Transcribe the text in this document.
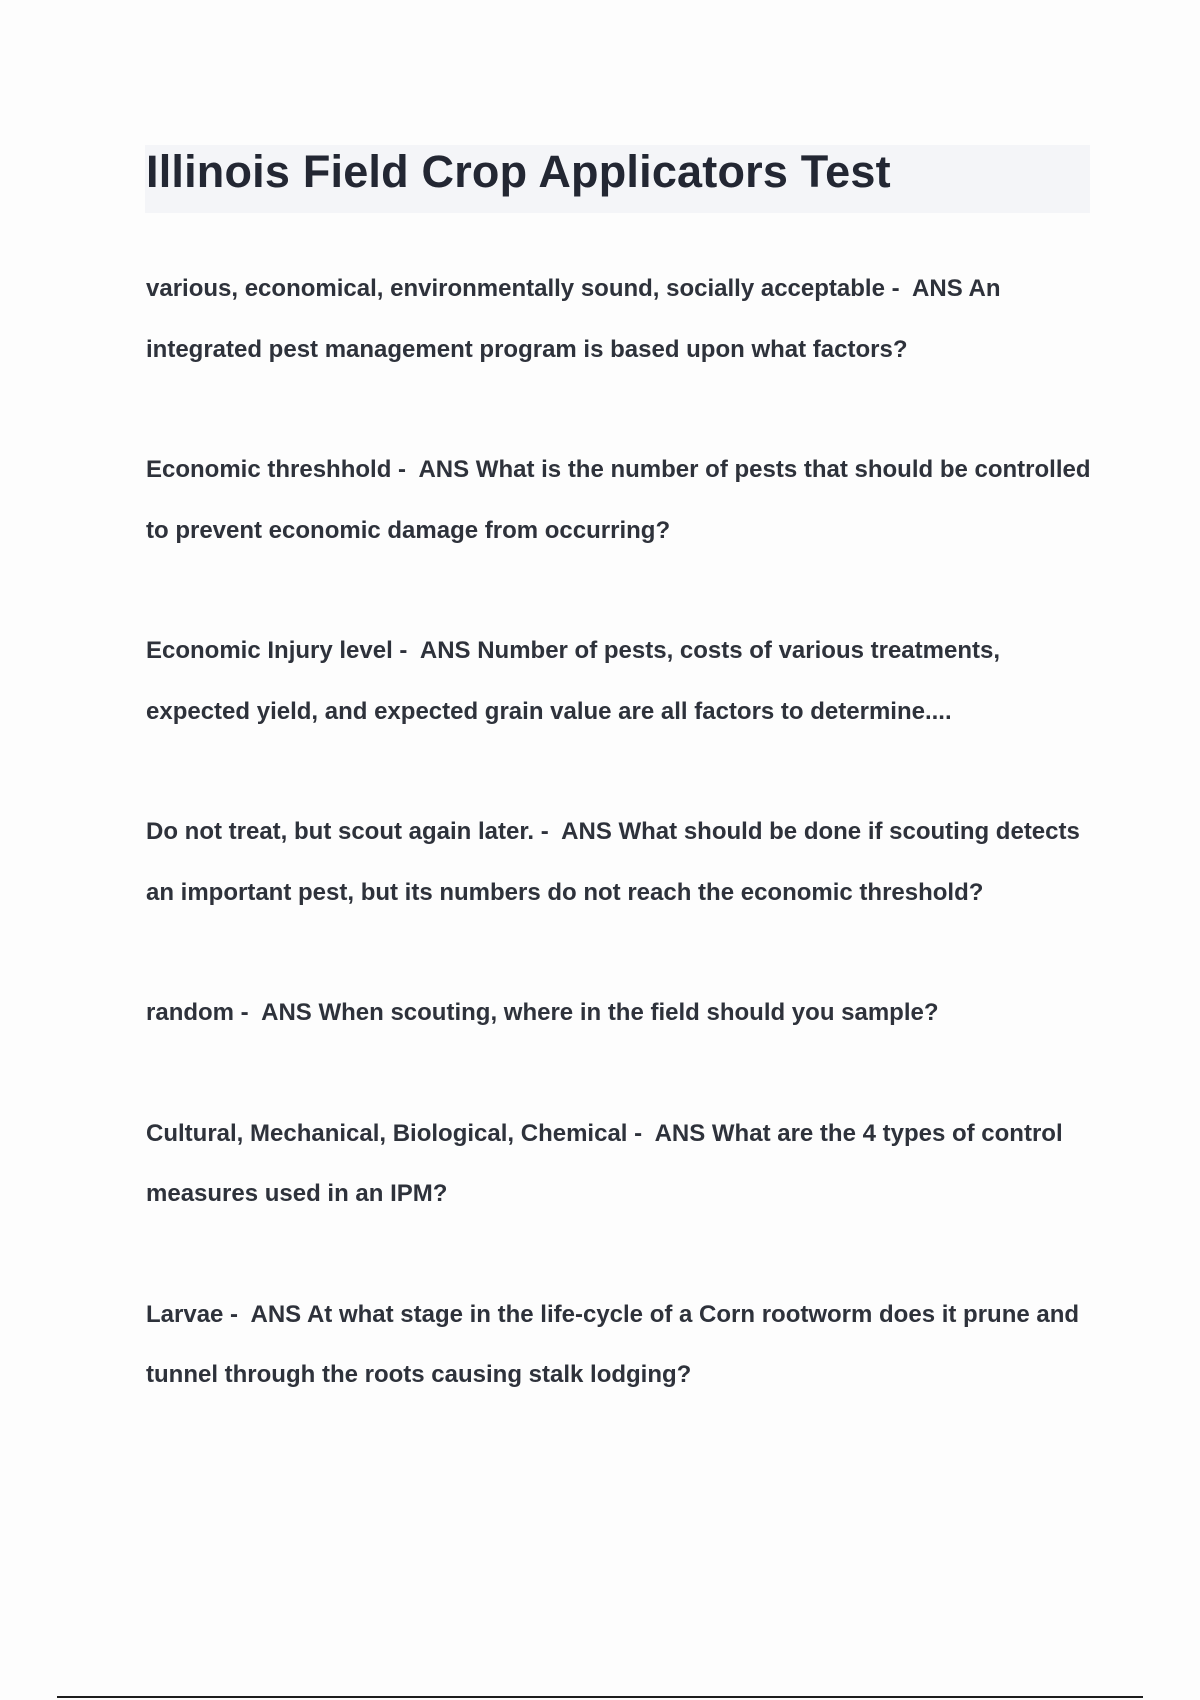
Illinois Field Crop Applicators Test

various, economical, environmentally sound, socially acceptable -  ANS An integrated pest management program is based upon what factors?

Economic threshhold -  ANS What is the number of pests that should be controlled to prevent economic damage from occurring?

Economic Injury level -  ANS Number of pests, costs of various treatments, expected yield, and expected grain value are all factors to determine....

Do not treat, but scout again later. -  ANS What should be done if scouting detects an important pest, but its numbers do not reach the economic threshold?

random -  ANS When scouting, where in the field should you sample?

Cultural, Mechanical, Biological, Chemical -  ANS What are the 4 types of control measures used in an IPM?

Larvae -  ANS At what stage in the life-cycle of a Corn rootworm does it prune and tunnel through the roots causing stalk lodging?
